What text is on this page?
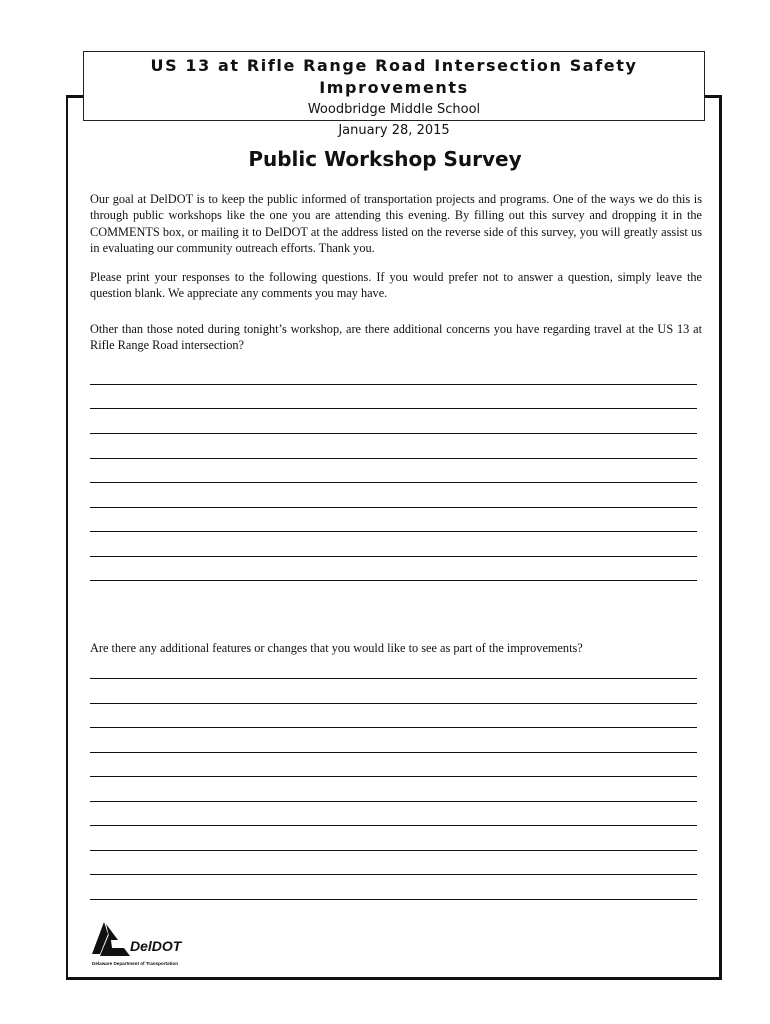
US 13 at Rifle Range Road Intersection Safety Improvements
Woodbridge Middle School
January 28, 2015
Public Workshop Survey
Our goal at DelDOT is to keep the public informed of transportation projects and programs. One of the ways we do this is through public workshops like the one you are attending this evening. By filling out this survey and dropping it in the COMMENTS box, or mailing it to DelDOT at the address listed on the reverse side of this survey, you will greatly assist us in evaluating our community outreach efforts. Thank you.
Please print your responses to the following questions. If you would prefer not to answer a question, simply leave the question blank. We appreciate any comments you may have.
Other than those noted during tonight’s workshop, are there additional concerns you have regarding travel at the US 13 at Rifle Range Road intersection?
Are there any additional features or changes that you would like to see as part of the improvements?
DelDOT
Delaware Department of Transportation
